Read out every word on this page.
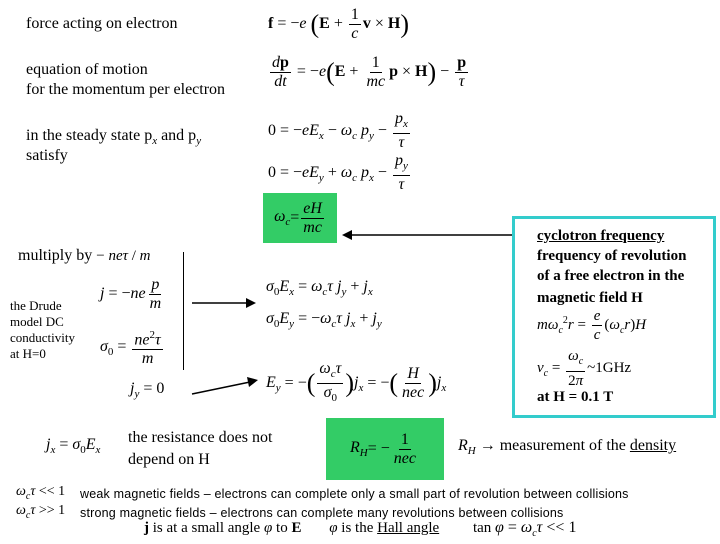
force acting on electron
equation of motion
for the momentum per electron
in the steady state $p_x$ and $p_y$
satisfy
f = −e ($E + \frac{1}{c}$ v × H)
$\frac{dp}{dt} = -e(E + \frac{1}{mc}$ $p \times H) - \frac{p}{\tau}$
$0 = -eE_x - \omega_c$ $p_y - \frac{p_x}{\tau}$
$0 = -eE_y + \omega_c$ $p_x - \frac{p_y}{\tau}$
$\omega_c = \frac{eH}{mc}$
multiply by − neτ / m
the Drude
model DC
conductivity
at H=0
$j = -ne \frac{p}{m}$
$\sigma_0 = \frac{ne^2\tau}{m}$
$\sigma_0E_x = \omega_c\tau$ $j_y + j_x$
$\sigma_0E_y = -\omega_c\tau$ $j_x + j_y$
$j_y = 0$	$E_y$ = −( $\frac{\omega_c\tau}{\sigma_0} )j_x$ = −( $\frac{H}{\text{nec}} )j_x$
cyclotron frequency
frequency of revolution
of a free electron in the
magnetic field H
$m\omega_c^2r = \frac{e}{c} (\omega_cr)H$
$\nu_c = \frac{\omega_c}{2\pi}$ ~1GHz
at H = 0.1 T
$j_x = \sigma_0E_x$
the resistance does not
depend on H
$R_H$ = − $\frac{1}{\text{nec}}$	$R_H$ → measurement of the density
$\omega_c\tau << 1$ weak magnetic fields – electrons can complete only a small part of revolution between collisions
$\omega_c\tau >> 1$ strong magnetic fields – electrons can complete many revolutions between collisions
j is at a small angle φ to E φ is the Hall angle $\tan \varphi = \omega_c\tau << 1$
